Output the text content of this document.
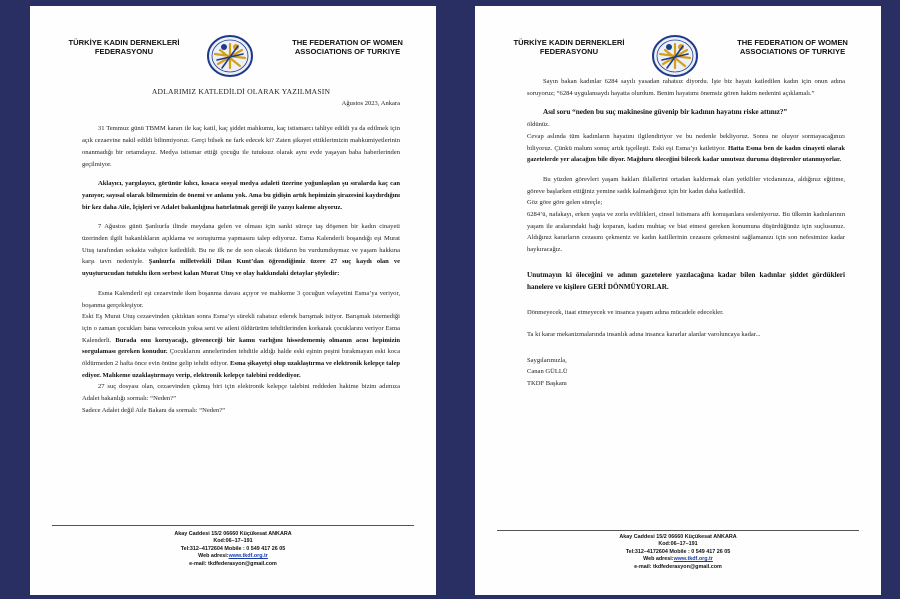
TÜRKİYE KADIN DERNEKLERİ
FEDERASYONU
THE FEDERATION OF WOMEN
ASSOCIATIONS OF TURKIYE

ADLARIMIZ KATLEDİLDİ OLARAK YAZILMASIN

Ağustos 2023, Ankara

31 Temmuz günü TBMM kararı ile kaç katil, kaç şiddet mahkumu, kaç istismarcı tahliye edildi ya da edilmek için açık cezaevine nakil edildi bilinmiyoruz. Gerçi bilsek ne fark edecek ki? Zaten şikayet ettiklerimizin mahkumiyetlerinin onanmadığı bir ortamdayız. Medya istismar ettiği çocuğu ile tutuksuz olarak aynı evde yaşayan baba haberlerinden geçilmiyor.

Aklayıcı, yargılayıcı, görünür kılıcı, kısaca sosyal medya adaleti üzerine yoğunlaşılan şu sıralarda kaç can yanıyor, sayısal olarak bilmemizin de önemi ve anlamı yok. Ama bu gidişin artık hepimizin şirazesini kaydırdığını bir kez daha Aile, İçişleri ve Adalet bakanlığına hatırlatmak gereği ile yazıyı kaleme alıyoruz.

7 Ağustos günü Şanlıurfa ilinde meydana gelen ve olması için sanki süreçe taş döşenen bir kadın cinayeti üzerinden ilgili bakanlıkların açıklama ve soruşturma yapmasını talep ediyoruz. Esma Kalenderli boşandığı eşi Murat Utuş tarafından sokakta vahşice katledildi. Bu ne ilk ne de son olacak iktidarın bu vurdumduymaz ve yaşam hakkına karşı tavrı nedeniyle. Şanlıurfa milletvekili Dilan Kunt’dan öğrendiğimiz üzere 27 suç kaydı olan ve uyuşturucudan tutuklu iken serbest kalan Murat Utuş ve olay hakkındaki detaylar şöyledir:

Esma Kalenderli eşi cezaevinde iken boşanma davası açıyor ve mahkeme 3 çocuğun velayetini Esma’ya veriyor, boşanma gerçekleşiyor.

Eski Eş Murat Utuş cezaevinden çıktıktan sonra Esma’yı sürekli rahatsız ederek barışmak istiyor. Barışmak istemediği için o zaman çocukları bana vereceksin yoksa seni ve aileni öldürürüm tehditlerinden korkarak çocuklarını veriyor Esma Kalenderli. Burada onu koruyacağı, güveneceği bir kamu varlığını hissedememiş olmanın acısı hepimizin sorgulaması gereken konudur. Çocuklarını annelerinden tehditle aldığı halde eski eşinin peşini bırakmayan eski koca öldürmeden 2 hafta önce evin önüne gelip tehdit ediyor. Esma şikayetçi olup uzaklaştırma ve elektronik kelepçe talep ediyor. Mahkeme uzaklaştırmayı verip, elektronik kelepçe talebini reddediyor.

27 suç dosyası olan, cezaevinden çıkmış biri için elektronik kelepçe talebini reddeden hakime bizim adımıza Adalet bakanlığı sormalı: “Neden?”

Sadece Adalet değil Aile Bakanı da sormalı: “Neden?”

Akay Caddesi 15/2 06660 Küçükesat ANKARA
Kod:06–17–191
Tel:312–4172604 Mobile : 0 549 417 26 05
Web adresi:www.tkdf.org.tr
e-mail: tkdfederasyon@gmail.com
TÜRKİYE KADIN DERNEKLERİ
FEDERASYONU
THE FEDERATION OF WOMEN
ASSOCIATIONS OF TURKIYE

Sayın bakan kadınlar 6284 sayılı yasadan rahatsız diyordu. İşte biz hayatı katledilen kadın için onun adına soruyoruz; “6284 uygulansaydı hayatta olurdum. Benim hayatımı önemsiz gören hakim nedenini açıklamalı.”

Asıl soru “neden bu suç makinesine güvenip bir kadının hayatını riske attınız?”

öldünüz.

Cevap aslında tüm kadınların hayatını ilgilendiriyor ve bu nedenle bekliyoruz. Sonra ne oluyor sormayacağınızı biliyoruz. Çünkü malum sonuç artık işçelleşti. Eski eşi Esma’yı katletiyor. Hatta Esma ben de kadın cinayeti olarak gazetelerde yer alacağım bile diyor. Mağduru öleceğini bilecek kadar umutsuz duruma düşürenler utanmıyorlar.

Bu yüzden görevleri yaşam hakları ihlallerini ortadan kaldırmak olan yetkililer vicdanınıza, aldığınız eğitime, göreve başlarken ettiğiniz yemine sadık kalmadığınız için bir kadın daha katledildi.

Göz göre göre gelen süreçle;

6284’ü, nafakayı, erken yaşta ve zorla evlilikleri, cinsel istismara affı konuşanlara sesleniyoruz. Bu ülkenin kadınlarının yaşam ile aralarındaki bağı koparan, kadını muhtaç ve biat etmesi gereken konumuna düşürdüğünüz için suçlusunuz. Aldığınız kararların cezasını çekmeniz ve kadın katillerinin cezasını çekmesini sağlamanızı için son nefesimize kadar haykıracağız.

Unutmayın ki öleceğini ve adının gazetelere yazılacağına kadar bilen kadınlar şiddet gördükleri hanelere ve kişilere GERİ DÖNMÜYORLAR.

Dönmeyecek, itaat etmeyecek ve insanca yaşam adına mücadele edecekler.

Ta ki karar mekanizmalarında insanlık adına insanca kararlar alanlar varoluncaya kadar...

Saygılarımızla,

Canan GÜLLÜ

TKDF Başkanı

Akay Caddesi 15/2 06660 Küçükesat ANKARA
Kod:06–17–191
Tel:312–4172604 Mobile : 0 549 417 26 05
Web adresi:www.tkdf.org.tr
e-mail: tkdfederasyon@gmail.com
